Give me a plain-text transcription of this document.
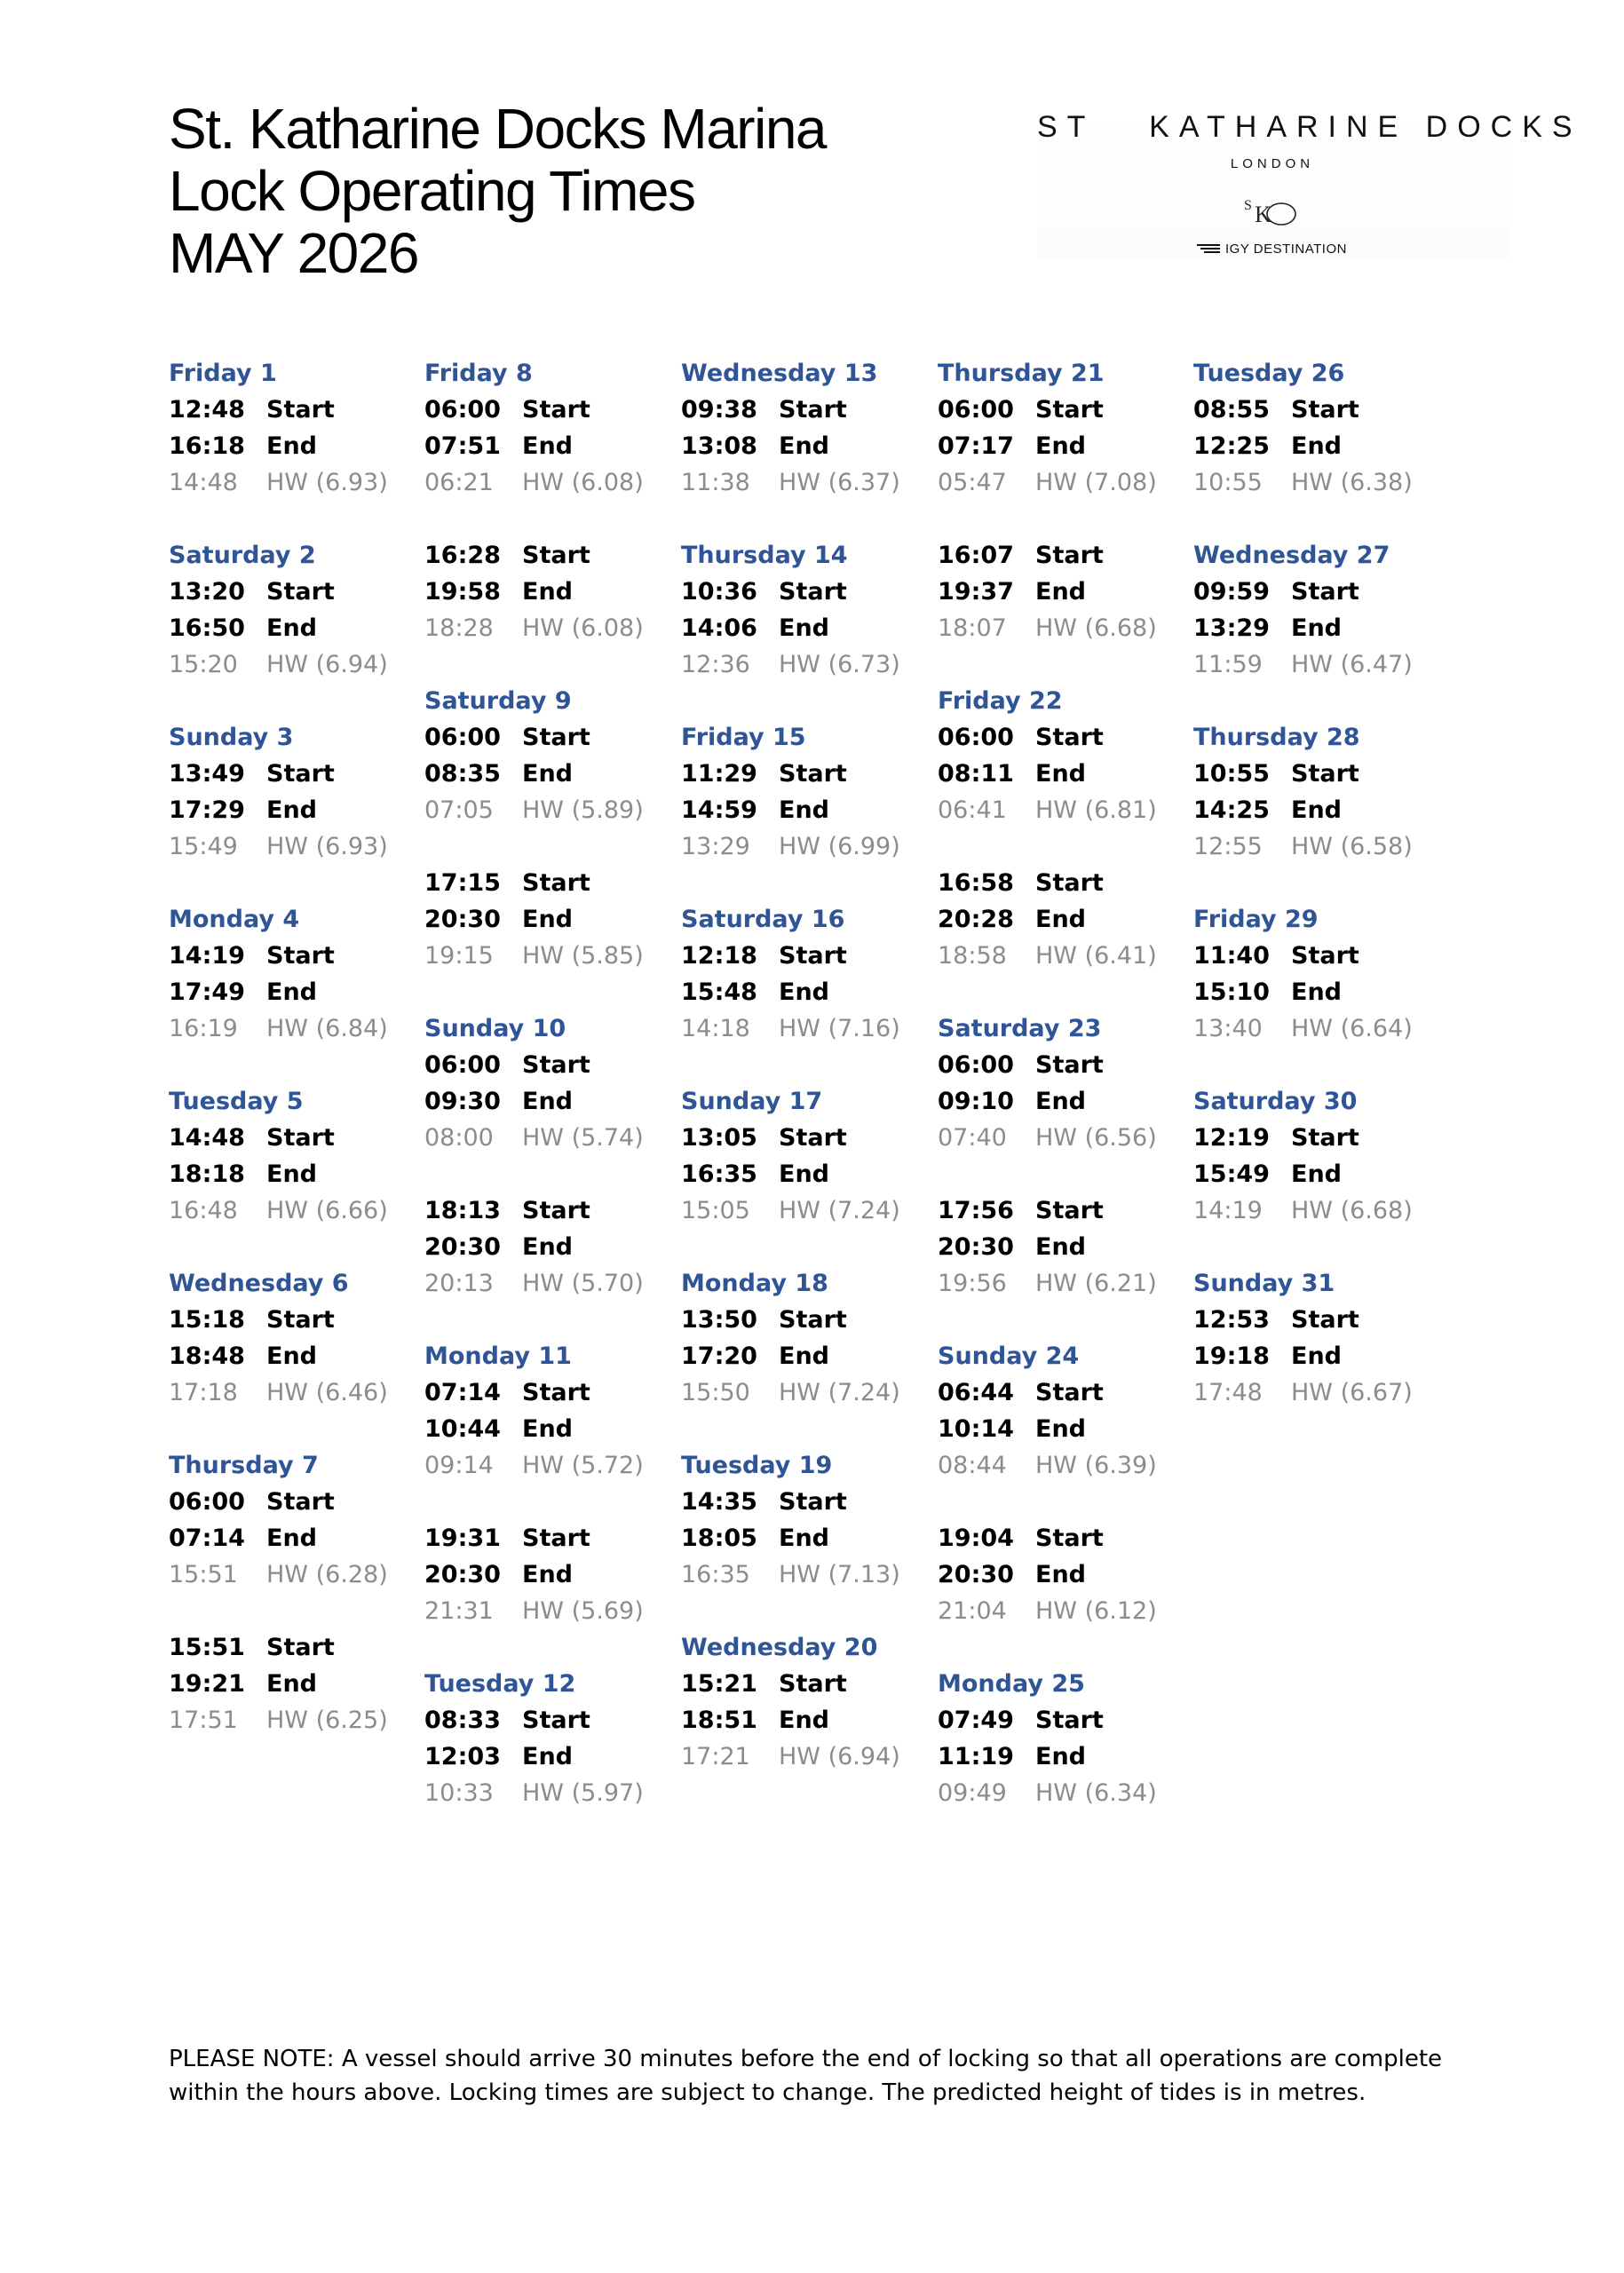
St. Katharine Docks Marina
Lock Operating Times
MAY 2026
ST   KATHARINE DOCKS
LONDON
S K
IGY DESTINATION
Friday 1
12:48 Start
16:18 End
14:48 HW (6.93)
Saturday 2
13:20 Start
16:50 End
15:20 HW (6.94)
Sunday 3
13:49 Start
17:29 End
15:49 HW (6.93)
Monday 4
14:19 Start
17:49 End
16:19 HW (6.84)
Tuesday 5
14:48 Start
18:18 End
16:48 HW (6.66)
Wednesday 6
15:18 Start
18:48 End
17:18 HW (6.46)
Thursday 7
06:00 Start
07:14 End
15:51 HW (6.28)
15:51 Start
19:21 End
17:51 HW (6.25)
Friday 8
06:00 Start
07:51 End
06:21 HW (6.08)
16:28 Start
19:58 End
18:28 HW (6.08)
Saturday 9
06:00 Start
08:35 End
07:05 HW (5.89)
17:15 Start
20:30 End
19:15 HW (5.85)
Sunday 10
06:00 Start
09:30 End
08:00 HW (5.74)
18:13 Start
20:30 End
20:13 HW (5.70)
Monday 11
07:14 Start
10:44 End
09:14 HW (5.72)
19:31 Start
20:30 End
21:31 HW (5.69)
Tuesday 12
08:33 Start
12:03 End
10:33 HW (5.97)
Wednesday 13
09:38 Start
13:08 End
11:38 HW (6.37)
Thursday 14
10:36 Start
14:06 End
12:36 HW (6.73)
Friday 15
11:29 Start
14:59 End
13:29 HW (6.99)
Saturday 16
12:18 Start
15:48 End
14:18 HW (7.16)
Sunday 17
13:05 Start
16:35 End
15:05 HW (7.24)
Monday 18
13:50 Start
17:20 End
15:50 HW (7.24)
Tuesday 19
14:35 Start
18:05 End
16:35 HW (7.13)
Wednesday 20
15:21 Start
18:51 End
17:21 HW (6.94)
Thursday 21
06:00 Start
07:17 End
05:47 HW (7.08)
16:07 Start
19:37 End
18:07 HW (6.68)
Friday 22
06:00 Start
08:11 End
06:41 HW (6.81)
16:58 Start
20:28 End
18:58 HW (6.41)
Saturday 23
06:00 Start
09:10 End
07:40 HW (6.56)
17:56 Start
20:30 End
19:56 HW (6.21)
Sunday 24
06:44 Start
10:14 End
08:44 HW (6.39)
19:04 Start
20:30 End
21:04 HW (6.12)
Monday 25
07:49 Start
11:19 End
09:49 HW (6.34)
Tuesday 26
08:55 Start
12:25 End
10:55 HW (6.38)
Wednesday 27
09:59 Start
13:29 End
11:59 HW (6.47)
Thursday 28
10:55 Start
14:25 End
12:55 HW (6.58)
Friday 29
11:40 Start
15:10 End
13:40 HW (6.64)
Saturday 30
12:19 Start
15:49 End
14:19 HW (6.68)
Sunday 31
12:53 Start
19:18 End
17:48 HW (6.67)

PLEASE NOTE: A vessel should arrive 30 minutes before the end of locking so that all operations are complete within the hours above. Locking times are subject to change. The predicted height of tides is in metres.
